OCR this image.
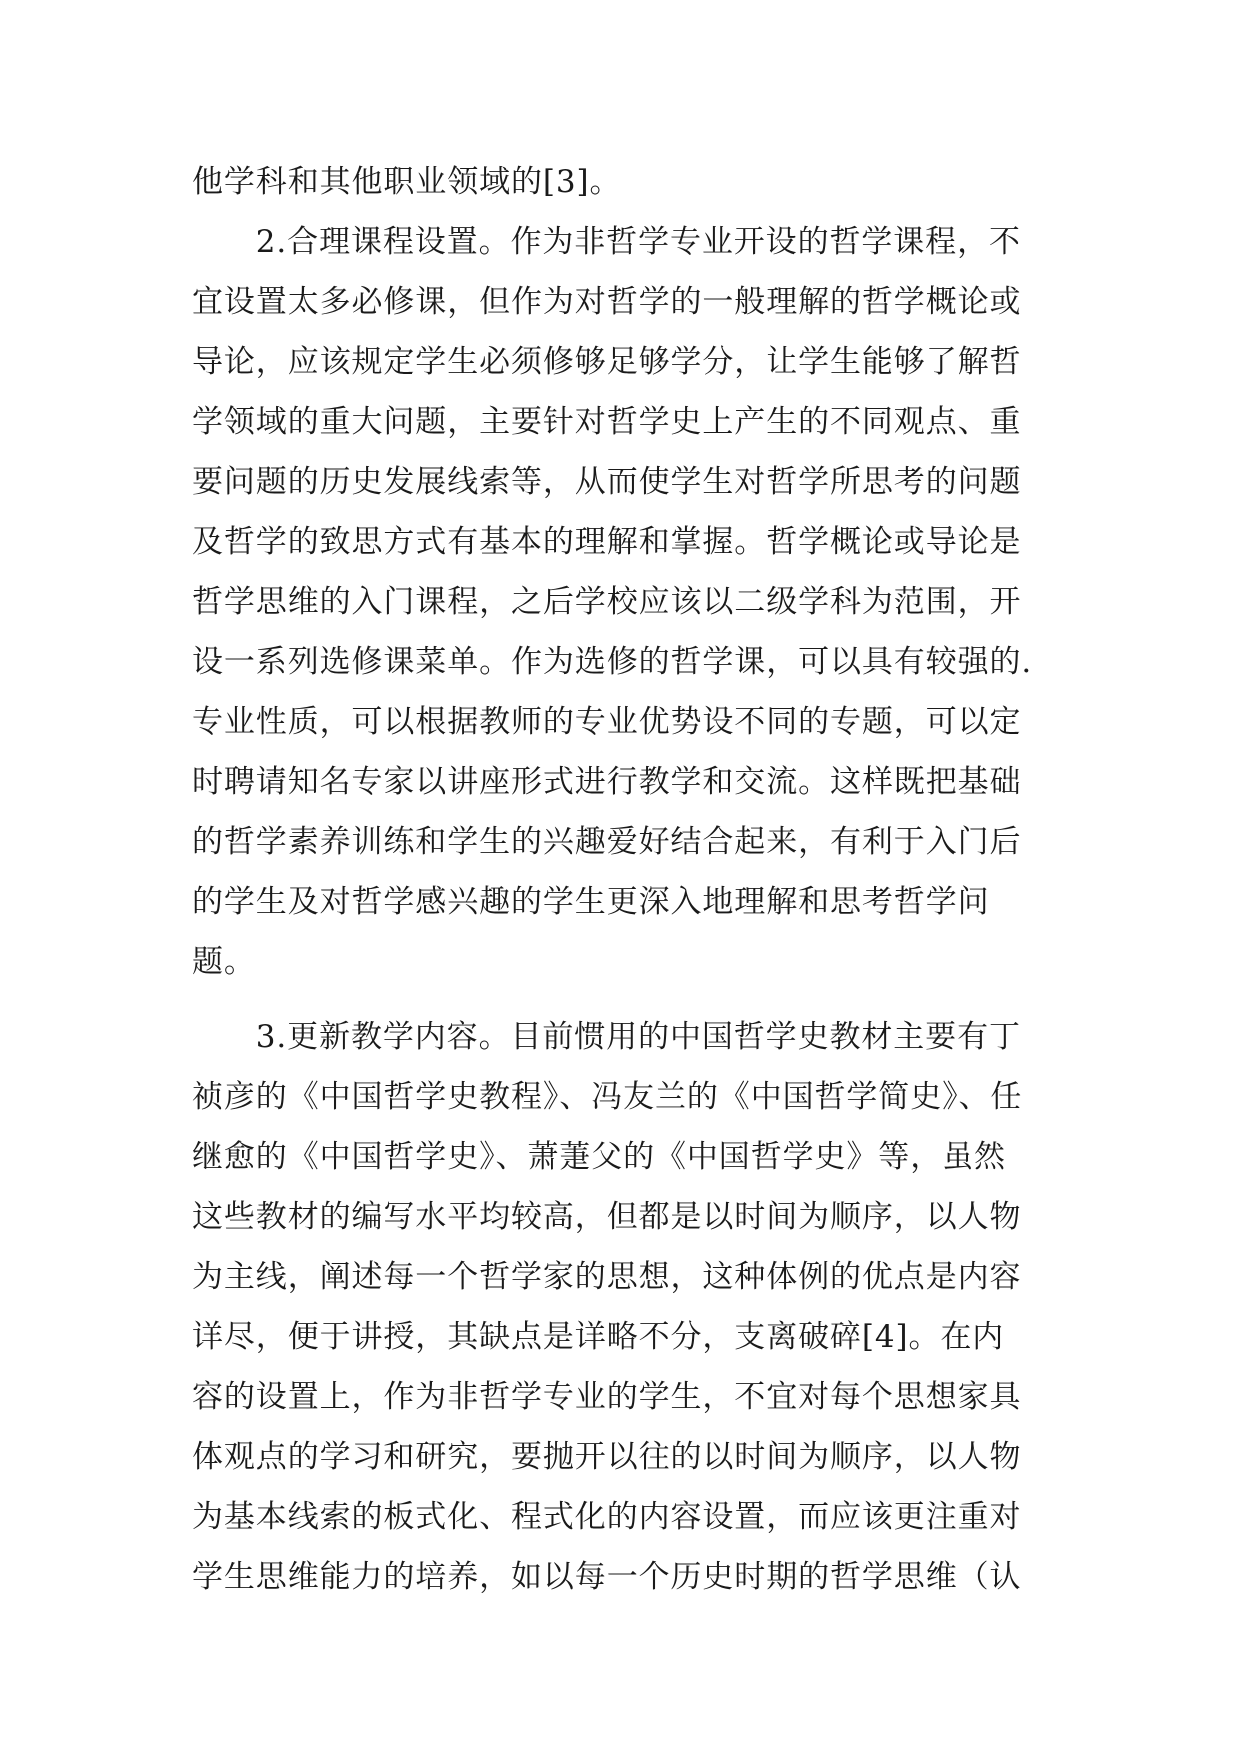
他学科和其他职业领域的[3]。
　　2.合理课程设置。作为非哲学专业开设的哲学课程，不
宜设置太多必修课，但作为对哲学的一般理解的哲学概论或
导论，应该规定学生必须修够足够学分，让学生能够了解哲
学领域的重大问题，主要针对哲学史上产生的不同观点、重
要问题的历史发展线索等，从而使学生对哲学所思考的问题
及哲学的致思方式有基本的理解和掌握。哲学概论或导论是
哲学思维的入门课程，之后学校应该以二级学科为范围，开
设一系列选修课菜单。作为选修的哲学课，可以具有较强的.
专业性质，可以根据教师的专业优势设不同的专题，可以定
时聘请知名专家以讲座形式进行教学和交流。这样既把基础
的哲学素养训练和学生的兴趣爱好结合起来，有利于入门后
的学生及对哲学感兴趣的学生更深入地理解和思考哲学问
题。
　　3.更新教学内容。目前惯用的中国哲学史教材主要有丁
祯彦的《中国哲学史教程》、冯友兰的《中国哲学简史》、任
继愈的《中国哲学史》、萧萐父的《中国哲学史》等，虽然
这些教材的编写水平均较高，但都是以时间为顺序，以人物
为主线，阐述每一个哲学家的思想，这种体例的优点是内容
详尽，便于讲授，其缺点是详略不分，支离破碎[4]。在内
容的设置上，作为非哲学专业的学生，不宜对每个思想家具
体观点的学习和研究，要抛开以往的以时间为顺序，以人物
为基本线索的板式化、程式化的内容设置，而应该更注重对
学生思维能力的培养，如以每一个历史时期的哲学思维（认
